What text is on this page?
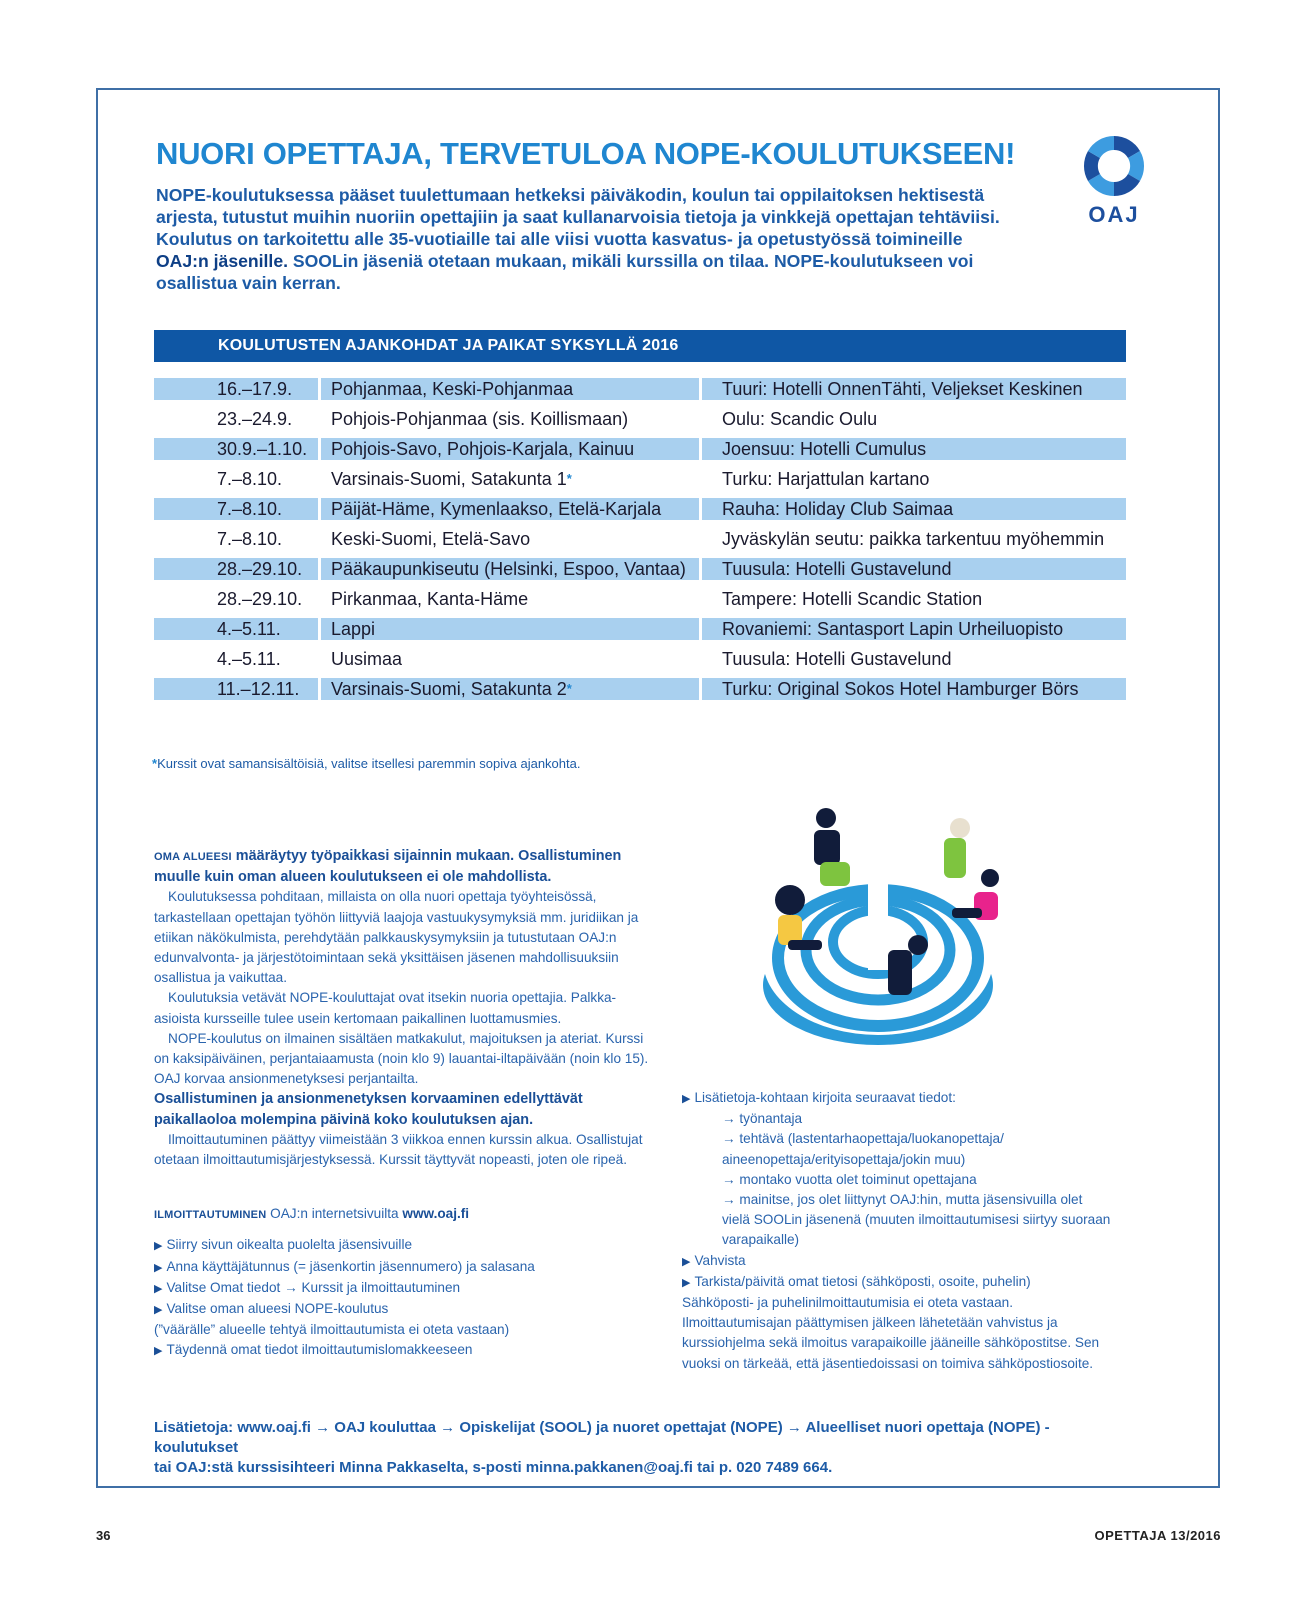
NUORI OPETTAJA, TERVETULOA NOPE-KOULUTUKSEEN!
NOPE-koulutuksessa pääset tuulettumaan hetkeksi päiväkodin, koulun tai oppilaitoksen hektisestä arjesta, tutustut muihin nuoriin opettajiin ja saat kullanarvoisia tietoja ja vinkkejä opettajan tehtäviisi. Koulutus on tarkoitettu alle 35-vuotiaille tai alle viisi vuotta kasvatus- ja opetustyössä toimineille OAJ:n jäsenille. SOOLin jäseniä otetaan mukaan, mikäli kurssilla on tilaa. NOPE-koulutukseen voi osallistua vain kerran.
OAJ
KOULUTUSTEN AJANKOHDAT JA PAIKAT SYKSYLLÄ 2016
16.–17.9.	Pohjanmaa, Keski-Pohjanmaa	Tuuri: Hotelli OnnenTähti, Veljekset Keskinen
23.–24.9.	Pohjois-Pohjanmaa (sis. Koillismaan)	Oulu: Scandic Oulu
30.9.–1.10.	Pohjois-Savo, Pohjois-Karjala, Kainuu	Joensuu: Hotelli Cumulus
7.–8.10.	Varsinais-Suomi, Satakunta 1*	Turku: Harjattulan kartano
7.–8.10.	Päijät-Häme, Kymenlaakso, Etelä-Karjala	Rauha: Holiday Club Saimaa
7.–8.10.	Keski-Suomi, Etelä-Savo	Jyväskylän seutu: paikka tarkentuu myöhemmin
28.–29.10.	Pääkaupunkiseutu (Helsinki, Espoo, Vantaa)	Tuusula: Hotelli Gustavelund
28.–29.10.	Pirkanmaa, Kanta-Häme	Tampere: Hotelli Scandic Station
4.–5.11.	Lappi	Rovaniemi: Santasport Lapin Urheiluopisto
4.–5.11.	Uusimaa	Tuusula: Hotelli Gustavelund
11.–12.11.	Varsinais-Suomi, Satakunta 2*	Turku: Original Sokos Hotel Hamburger Börs
*Kurssit ovat samansisältöisiä, valitse itsellesi paremmin sopiva ajankohta.

OMA ALUEESI määräytyy työpaikkasi sijainnin mukaan. Osallistuminen muulle kuin oman alueen koulutukseen ei ole mahdollista.

Koulutuksessa pohditaan, millaista on olla nuori opettaja työyhteisössä, tarkastellaan opettajan työhön liittyviä laajoja vastuukysymyksiä mm. juridiikan ja etiikan näkökulmista, perehdytään palkkauskysymyksiin ja tutustutaan OAJ:n edunvalvonta- ja järjestötoimintaan sekä yksittäisen jäsenen mahdollisuuksiin osallistua ja vaikuttaa.

Koulutuksia vetävät NOPE-kouluttajat ovat itsekin nuoria opettajia. Palkka-asioista kursseille tulee usein kertomaan paikallinen luottamusmies.

NOPE-koulutus on ilmainen sisältäen matkakulut, majoituksen ja ateriat. Kurssi on kaksipäiväinen, perjantaiaamusta (noin klo 9) lauantai-iltapäivään (noin klo 15). OAJ korvaa ansionmenetyksesi perjantailta.

Osallistuminen ja ansionmenetyksen korvaaminen edellyttävät paikallaoloa molempina päivinä koko koulutuksen ajan.

Ilmoittautuminen päättyy viimeistään 3 viikkoa ennen kurssin alkua. Osallistujat otetaan ilmoittautumisjärjestyksessä. Kurssit täyttyvät nopeasti, joten ole ripeä.

ILMOITTAUTUMINEN OAJ:n internetsivuilta www.oaj.fi

▶ Siirry sivun oikealta puolelta jäsensivuille
▶ Anna käyttäjätunnus (= jäsenkortin jäsennumero) ja salasana
▶ Valitse Omat tiedot → Kurssit ja ilmoittautuminen
▶ Valitse oman alueesi NOPE-koulutus
(”väärälle” alueelle tehtyä ilmoittautumista ei oteta vastaan)
▶ Täydennä omat tiedot ilmoittautumislomakkeeseen

▶ Lisätietoja-kohtaan kirjoita seuraavat tiedot:

→ työnantaja

→ tehtävä (lastentarhaopettaja/luokanopettaja/ aineenopettaja/erityisopettaja/jokin muu)

→ montako vuotta olet toiminut opettajana

→ mainitse, jos olet liittynyt OAJ:hin, mutta jäsensivuilla olet vielä SOOLin jäsenenä (muuten ilmoittautumisesi siirtyy suoraan varapaikalle)

▶ Vahvista

▶ Tarkista/päivitä omat tietosi (sähköposti, osoite, puhelin)

Sähköposti- ja puhelinilmoittautumisia ei oteta vastaan. Ilmoittautumisajan päättymisen jälkeen lähetetään vahvistus ja kurssiohjelma sekä ilmoitus varapaikoille jääneille sähköpostitse. Sen vuoksi on tärkeää, että jäsentiedoissasi on toimiva sähköpostiosoite.

Lisätietoja: www.oaj.fi → OAJ kouluttaa → Opiskelijat (SOOL) ja nuoret opettajat (NOPE) → Alueelliset nuori opettaja (NOPE) -koulutukset
tai OAJ:stä kurssisihteeri Minna Pakkaselta, s-posti minna.pakkanen@oaj.fi tai p. 020 7489 664.
36	OPETTAJA 13/2016
